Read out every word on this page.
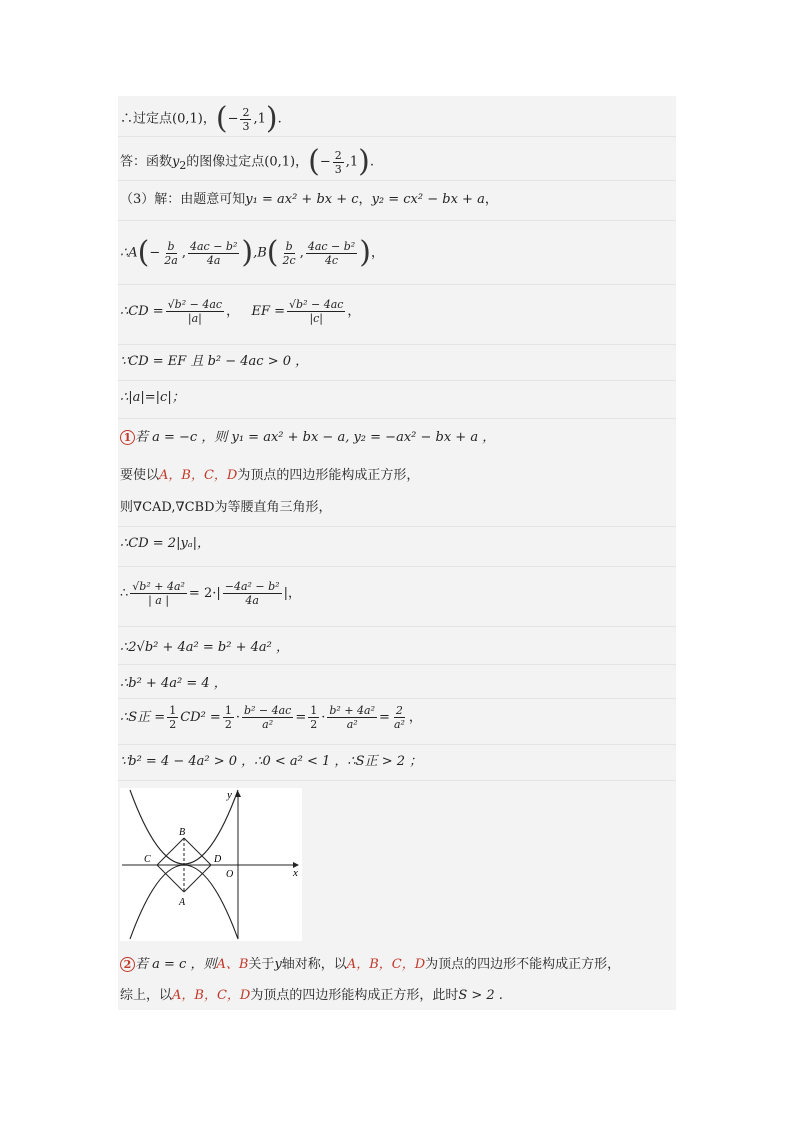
∴过定点(0,1)，(− $\frac{2}{3} ,1$).
答：函数$y_2$的图像过定点(0,1)，(− $\frac{2}{3} ,1$).
（3）解：由题意可知y₁ = ax² + bx + c，y₂ = cx² − bx + a，
∴A(− $\frac{b}{2a}$ , $\frac{\text{4ac − b²}}{4a} ),B( \frac{b}{2c}$ , $\frac{\text{4ac − b²}}{4c}$ )，
∴CD = $\frac{\text{√b² − 4ac}}{|a|}$ ， EF = $\frac{\text{√b² − 4ac}}{|c|}$ ，
∵CD = EF 且 b² − 4ac > 0 ，
∴|a|=|c|；
1 若 a = −c ，则 y₁ = ax² + bx − a, y₂ = −ax² − bx + a ，
要使以A，B，C，D为顶点的四边形能构成正方形，
则∇CAD,∇CBD为等腰直角三角形，
∴CD = 2|yₐ|，
∴ $\frac{\text{√b² + 4a²}}{| a |} = 2\cdot| \frac{\text{−4a² − b²}}{4a}$ |，
∴2√b² + 4a² = b² + 4a² ，
∴b² + 4a² = 4 ，
∴S正 = $\frac{1}{2} CD^2 = \frac{1}{2} \cdot \frac{\text{b² − 4ac}}{\text{a²}} = \frac{1}{2} \cdot \frac{\text{b² + 4a²}}{\text{a²}} = \frac{2}{\text{a²}}$ ，
∵b² = 4 − 4a² > 0 ，∴0 < a² < 1 ，∴S正 > 2 ；
x
y
O
A
B
C	D
2 若 a = c ，则A、B关于y轴对称，以A，B，C，D为顶点的四边形不能构成正方形，
综上，以A，B，C，D为顶点的四边形能构成正方形，此时S > 2 .
